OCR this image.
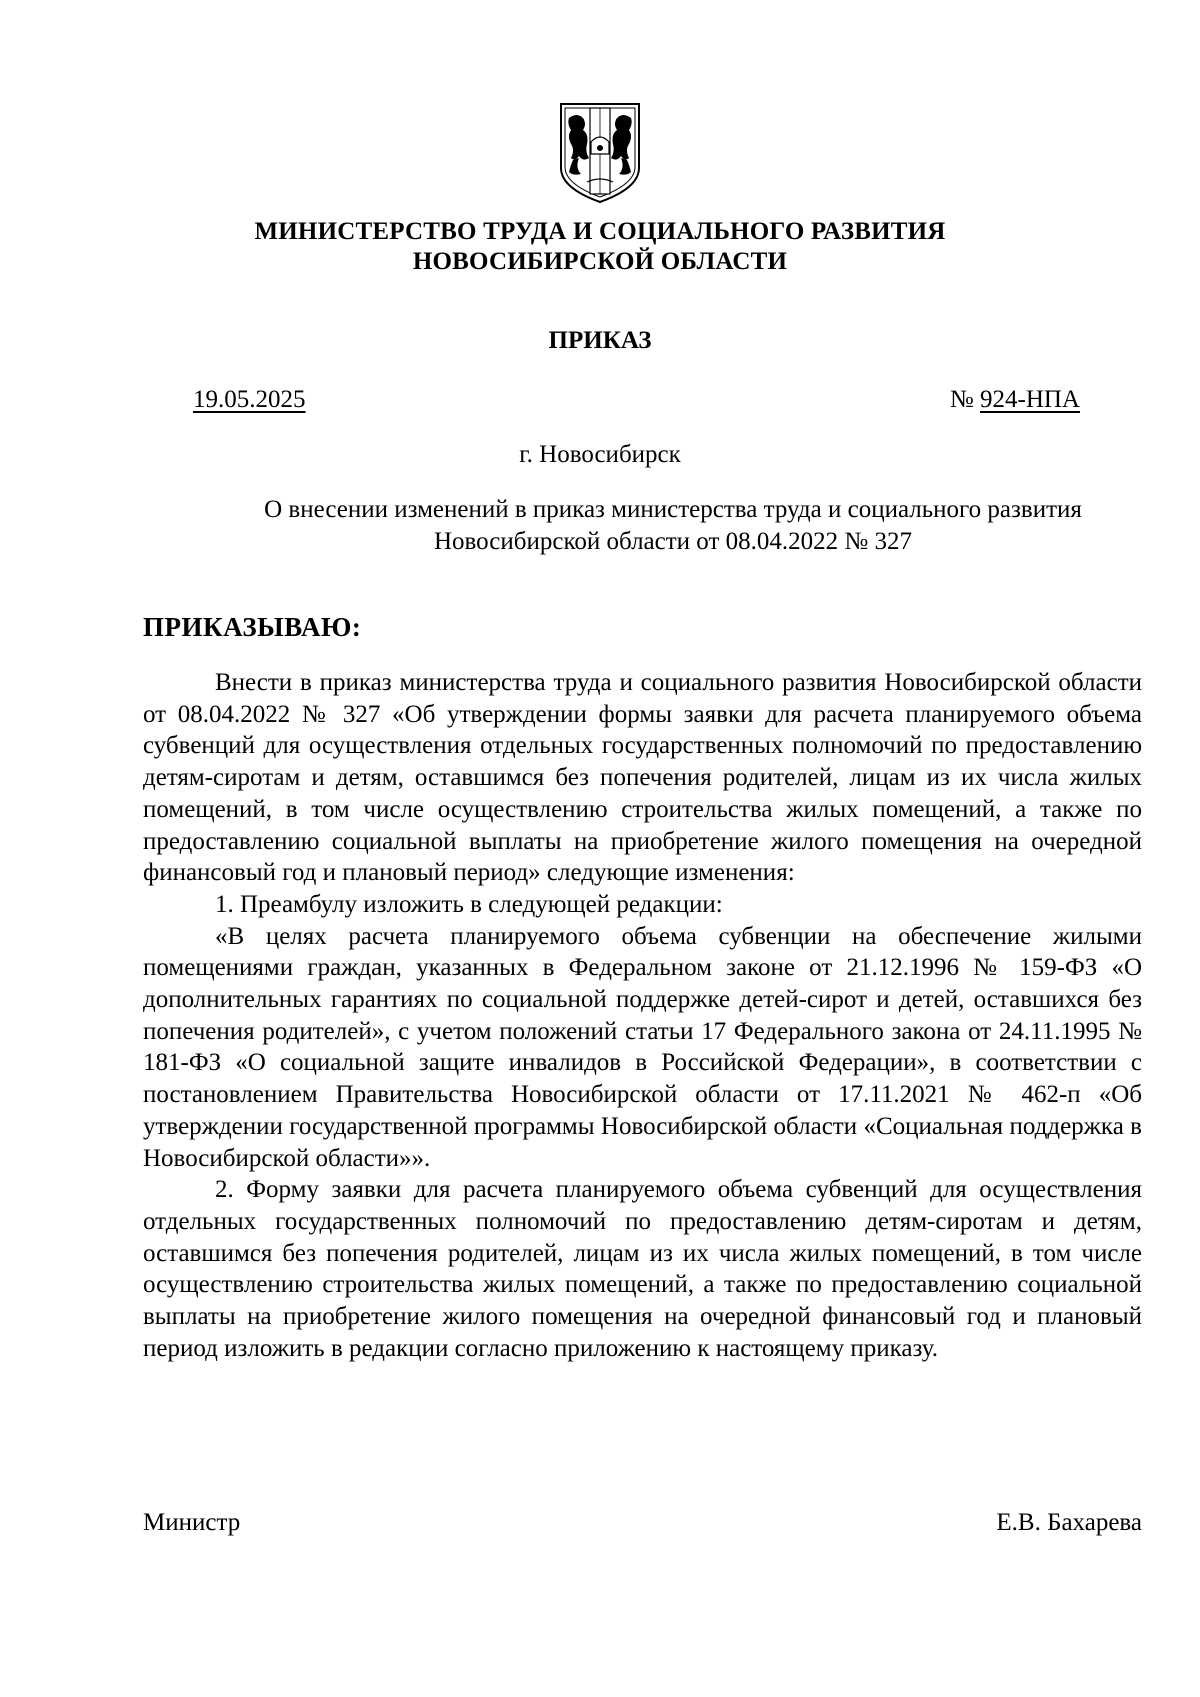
МИНИСТЕРСТВО ТРУДА И СОЦИАЛЬНОГО РАЗВИТИЯ
НОВОСИБИРСКОЙ ОБЛАСТИ
ПРИКАЗ
19.05.2025	№ 924-НПА
г. Новосибирск
О внесении изменений в приказ министерства труда и социального развития Новосибирской области от 08.04.2022 № 327
ПРИКАЗЫВАЮ:

Внести в приказ министерства труда и социального развития Новосибирской области от 08.04.2022 № 327 «Об утверждении формы заявки для расчета планируемого объема субвенций для осуществления отдельных государственных полномочий по предоставлению детям-сиротам и детям, оставшимся без попечения родителей, лицам из их числа жилых помещений, в том числе осуществлению строительства жилых помещений, а также по предоставлению социальной выплаты на приобретение жилого помещения на очередной финансовый год и плановый период» следующие изменения:

1. Преамбулу изложить в следующей редакции:

«В целях расчета планируемого объема субвенции на обеспечение жилыми помещениями граждан, указанных в Федеральном законе от 21.12.1996 № 159-ФЗ «О дополнительных гарантиях по социальной поддержке детей-сирот и детей, оставшихся без попечения родителей», с учетом положений статьи 17 Федерального закона от 24.11.1995 № 181-ФЗ «О социальной защите инвалидов в Российской Федерации», в соответствии с постановлением Правительства Новосибирской области от 17.11.2021 № 462-п «Об утверждении государственной программы Новосибирской области «Социальная поддержка в Новосибирской области»».

2. Форму заявки для расчета планируемого объема субвенций для осуществления отдельных государственных полномочий по предоставлению детям-сиротам и детям, оставшимся без попечения родителей, лицам из их числа жилых помещений, в том числе осуществлению строительства жилых помещений, а также по предоставлению социальной выплаты на приобретение жилого помещения на очередной финансовый год и плановый период изложить в редакции согласно приложению к настоящему приказу.

Министр	Е.В. Бахарева
